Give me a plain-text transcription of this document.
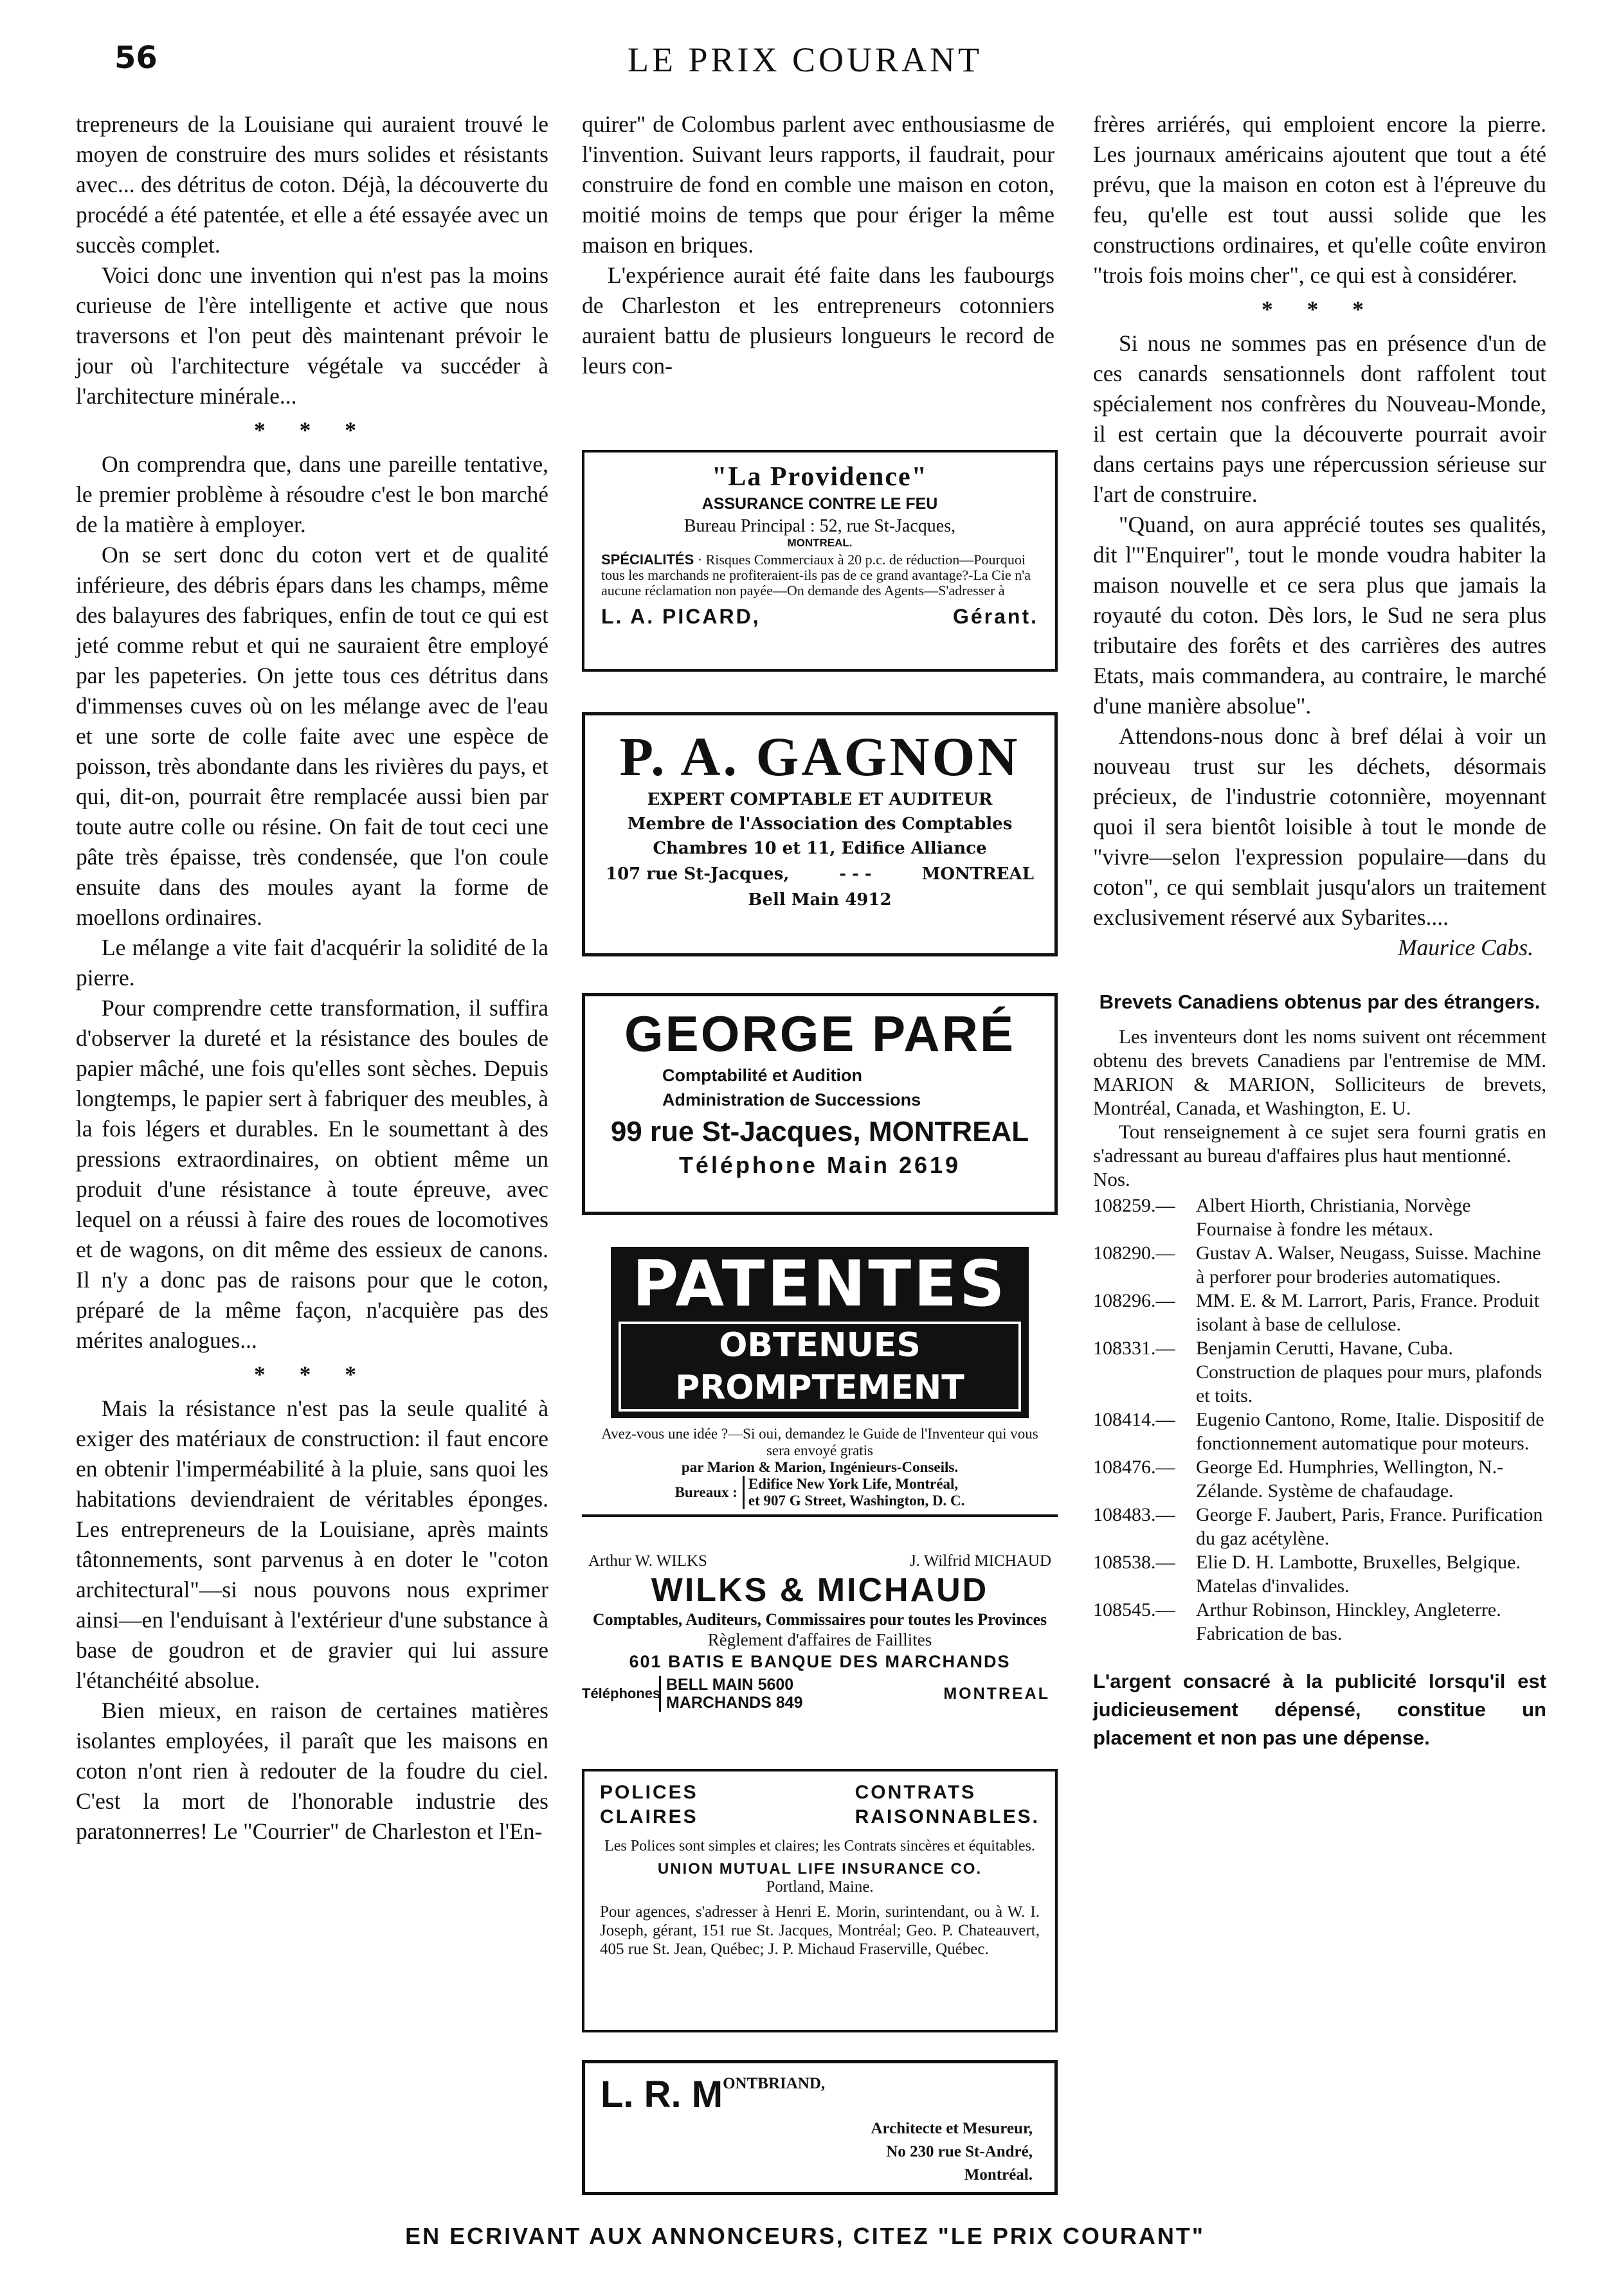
56	LE PRIX COURANT

trepreneurs de la Louisiane qui auraient trouvé le moyen de construire des murs solides et résistants avec... des détritus de coton. Déjà, la découverte du procédé a été patentée, et elle a été essayée avec un succès complet.

Voici donc une invention qui n'est pas la moins curieuse de l'ère intelligente et active que nous traversons et l'on peut dès maintenant prévoir le jour où l'architecture végétale va succéder à l'architecture minérale...

* * *

On comprendra que, dans une pareille tentative, le premier problème à résoudre c'est le bon marché de la matière à employer.

On se sert donc du coton vert et de qualité inférieure, des débris épars dans les champs, même des balayures des fabriques, enfin de tout ce qui est jeté comme rebut et qui ne sauraient être employé par les papeteries. On jette tous ces détritus dans d'immenses cuves où on les mélange avec de l'eau et une sorte de colle faite avec une espèce de poisson, très abondante dans les rivières du pays, et qui, dit-on, pourrait être remplacée aussi bien par toute autre colle ou résine. On fait de tout ceci une pâte très épaisse, très condensée, que l'on coule ensuite dans des moules ayant la forme de moellons ordinaires.

Le mélange a vite fait d'acquérir la solidité de la pierre.

Pour comprendre cette transformation, il suffira d'observer la dureté et la résistance des boules de papier mâché, une fois qu'elles sont sèches. Depuis longtemps, le papier sert à fabriquer des meubles, à la fois légers et durables. En le soumettant à des pressions extraordinaires, on obtient même un produit d'une résistance à toute épreuve, avec lequel on a réussi à faire des roues de locomotives et de wagons, on dit même des essieux de canons. Il n'y a donc pas de raisons pour que le coton, préparé de la même façon, n'acquière pas des mérites analogues...

* * *

Mais la résistance n'est pas la seule qualité à exiger des matériaux de construction: il faut encore en obtenir l'imperméabilité à la pluie, sans quoi les habitations deviendraient de véritables éponges. Les entrepreneurs de la Louisiane, après maints tâtonnements, sont parvenus à en doter le "coton architectural"—si nous pouvons nous exprimer ainsi—en l'enduisant à l'extérieur d'une substance à base de goudron et de gravier qui lui assure l'étanchéité absolue.

Bien mieux, en raison de certaines matières isolantes employées, il paraît que les maisons en coton n'ont rien à redouter de la foudre du ciel. C'est la mort de l'honorable industrie des paratonnerres! Le "Courrier" de Charleston et l'En-

quirer" de Colombus parlent avec enthousiasme de l'invention. Suivant leurs rapports, il faudrait, pour construire de fond en comble une maison en coton, moitié moins de temps que pour ériger la même maison en briques.

L'expérience aurait été faite dans les faubourgs de Charleston et les entrepreneurs cotonniers auraient battu de plusieurs longueurs le record de leurs con-

"La Providence"
ASSURANCE CONTRE LE FEU
Bureau Principal : 52, rue St-Jacques,
MONTREAL.
SPÉCIALITÉS · Risques Commerciaux à 20 p.c. de réduction—Pourquoi tous les marchands ne profiteraient-ils pas de ce grand avantage?-La Cie n'a aucune réclamation non payée—On demande des Agents—S'adresser à
L. A. PICARD,	Gérant.
P. A. GAGNON
EXPERT COMPTABLE ET AUDITEUR
Membre de l'Association des Comptables
Chambres 10 et 11, Edifice Alliance
107 rue St-Jacques,	- - -	MONTREAL
Bell Main 4912
GEORGE PARÉ
Comptabilité et Audition
Administration de Successions
99 rue St-Jacques, MONTREAL
Téléphone Main 2619
PATENTES
OBTENUES PROMPTEMENT
Avez-vous une idée ?—Si oui, demandez le Guide de l'Inventeur qui vous sera envoyé gratis
par Marion & Marion, Ingénieurs-Conseils.
Bureaux :
Edifice New York Life, Montréal,
et 907 G Street, Washington, D. C.
Arthur W. WILKS	J. Wilfrid MICHAUD
WILKS & MICHAUD
Comptables, Auditeurs, Commissaires pour toutes les Provinces
Règlement d'affaires de Faillites
601 BATIS E BANQUE DES MARCHANDS
Téléphones BELL MAIN 5600
MARCHANDS 849
MONTREAL
POLICES
CLAIRES
CONTRATS
RAISONNABLES.
Les Polices sont simples et claires; les Contrats sincères et équitables.
UNION MUTUAL LIFE INSURANCE CO.
Portland, Maine.
Pour agences, s'adresser à Henri E. Morin, surintendant, ou à W. I. Joseph, gérant, 151 rue St. Jacques, Montréal; Geo. P. Chateauvert, 405 rue St. Jean, Québec; J. P. Michaud Fraserville, Québec.
L. R. M ONTBRIAND,
Architecte et Mesureur,
No 230 rue St-André,
Montréal.

frères arriérés, qui emploient encore la pierre. Les journaux américains ajoutent que tout a été prévu, que la maison en coton est à l'épreuve du feu, qu'elle est tout aussi solide que les constructions ordinaires, et qu'elle coûte environ "trois fois moins cher", ce qui est à considérer.

* * *

Si nous ne sommes pas en présence d'un de ces canards sensationnels dont raffolent tout spécialement nos confrères du Nouveau-Monde, il est certain que la découverte pourrait avoir dans certains pays une répercussion sérieuse sur l'art de construire.

"Quand, on aura apprécié toutes ses qualités, dit l'"Enquirer", tout le monde voudra habiter la maison nouvelle et ce sera plus que jamais la royauté du coton. Dès lors, le Sud ne sera plus tributaire des forêts et des carrières des autres Etats, mais commandera, au contraire, le marché d'une manière absolue".

Attendons-nous donc à bref délai à voir un nouveau trust sur les déchets, désormais précieux, de l'industrie cotonnière, moyennant quoi il sera bientôt loisible à tout le monde de "vivre—selon l'expression populaire—dans du coton", ce qui semblait jusqu'alors un traitement exclusivement réservé aux Sybarites....

Maurice Cabs.

Brevets Canadiens obtenus par des étrangers.

Les inventeurs dont les noms suivent ont récemment obtenu des brevets Canadiens par l'entremise de MM. MARION & MARION, Solliciteurs de brevets, Montréal, Canada, et Washington, E. U.

Tout renseignement à ce sujet sera fourni gratis en s'adressant au bureau d'affaires plus haut mentionné.

Nos.

108259.—	Albert Hiorth, Christiania, Norvège Fournaise à fondre les métaux.
108290.—	Gustav A. Walser, Neugass, Suisse. Machine à perforer pour broderies automatiques.
108296.—	MM. E. & M. Larrort, Paris, France. Produit isolant à base de cellulose.
108331.—	Benjamin Cerutti, Havane, Cuba. Construction de plaques pour murs, plafonds et toits.
108414.—	Eugenio Cantono, Rome, Italie. Dispositif de fonctionnement automatique pour moteurs.
108476.—	George Ed. Humphries, Wellington, N.-Zélande. Système de chafaudage.
108483.—	George F. Jaubert, Paris, France. Purification du gaz acétylène.
108538.—	Elie D. H. Lambotte, Bruxelles, Belgique. Matelas d'invalides.
108545.—	Arthur Robinson, Hinckley, Angleterre. Fabrication de bas.

L'argent consacré à la publicité lorsqu'il est judicieusement dépensé, constitue un placement et non pas une dépense.

EN ECRIVANT AUX ANNONCEURS, CITEZ "LE PRIX COURANT"
